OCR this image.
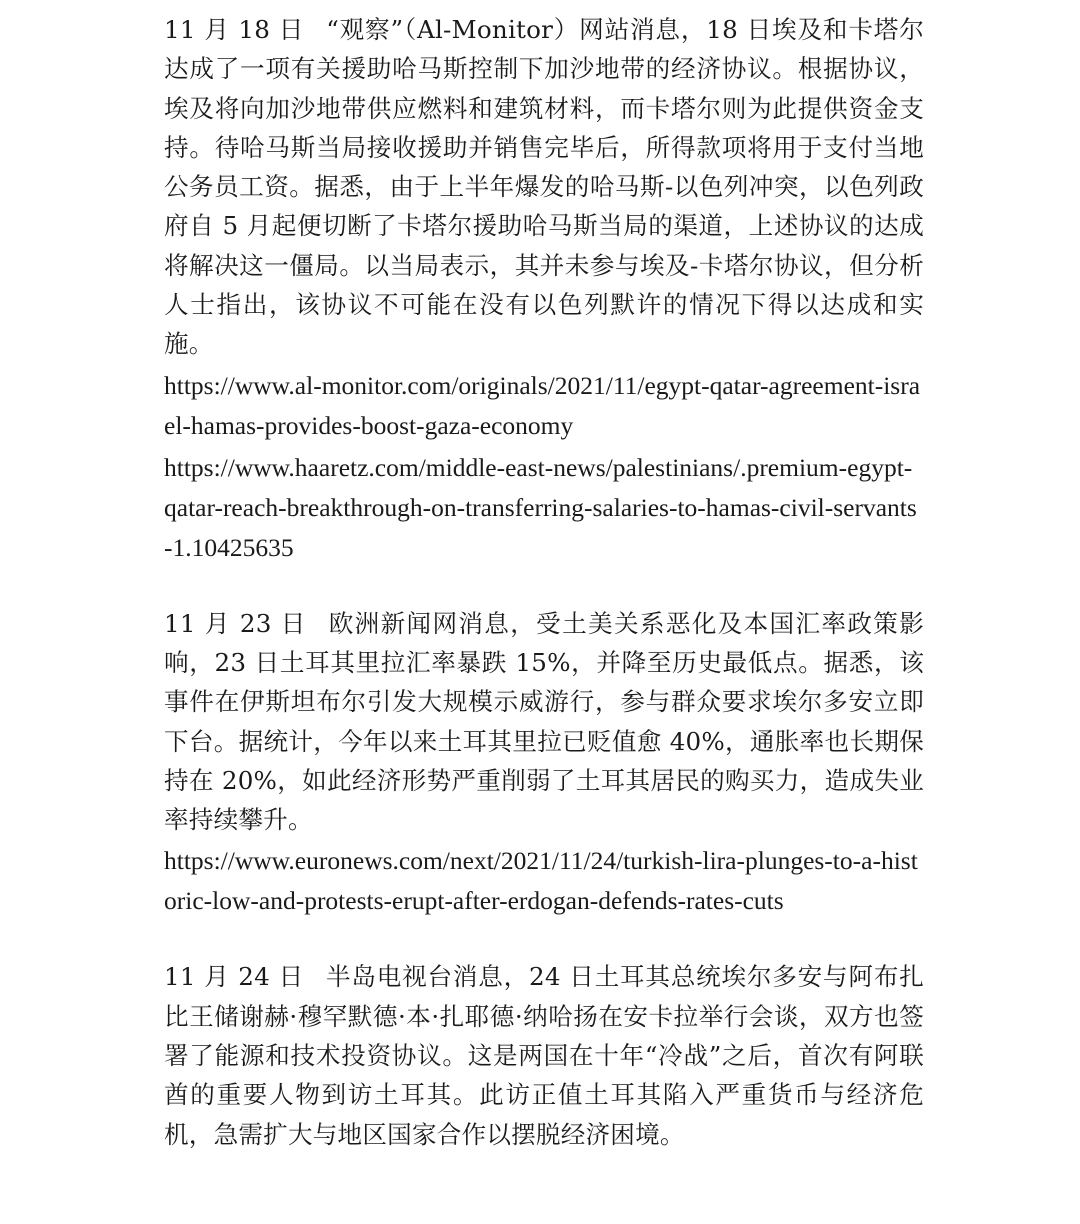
11 月 18 日 “观察”（Al-Monitor）网站消息，18 日埃及和卡塔尔达成了一项有关援助哈马斯控制下加沙地带的经济协议。根据协议，埃及将向加沙地带供应燃料和建筑材料，而卡塔尔则为此提供资金支持。待哈马斯当局接收援助并销售完毕后，所得款项将用于支付当地公务员工资。据悉，由于上半年爆发的哈马斯-以色列冲突，以色列政府自 5 月起便切断了卡塔尔援助哈马斯当局的渠道，上述协议的达成将解决这一僵局。以当局表示，其并未参与埃及-卡塔尔协议，但分析人士指出，该协议不可能在没有以色列默许的情况下得以达成和实施。

https://www.al-monitor.com/originals/2021/11/egypt-qatar-agreement-israel-hamas-provides-boost-gaza-economy
https://www.haaretz.com/middle-east-news/palestinians/.premium-egypt-qatar-reach-breakthrough-on-transferring-salaries-to-hamas-civil-servants-1.10425635

11 月 23 日 欧洲新闻网消息，受土美关系恶化及本国汇率政策影响，23 日土耳其里拉汇率暴跌 15%，并降至历史最低点。据悉，该事件在伊斯坦布尔引发大规模示威游行，参与群众要求埃尔多安立即下台。据统计，今年以来土耳其里拉已贬值愈 40%，通胀率也长期保持在 20%，如此经济形势严重削弱了土耳其居民的购买力，造成失业率持续攀升。

https://www.euronews.com/next/2021/11/24/turkish-lira-plunges-to-a-historic-low-and-protests-erupt-after-erdogan-defends-rates-cuts

11 月 24 日 半岛电视台消息，24 日土耳其总统埃尔多安与阿布扎比王储谢赫·穆罕默德·本·扎耶德·纳哈扬在安卡拉举行会谈，双方也签署了能源和技术投资协议。这是两国在十年“冷战”之后，首次有阿联酋的重要人物到访土耳其。此访正值土耳其陷入严重货币与经济危机，急需扩大与地区国家合作以摆脱经济困境。
